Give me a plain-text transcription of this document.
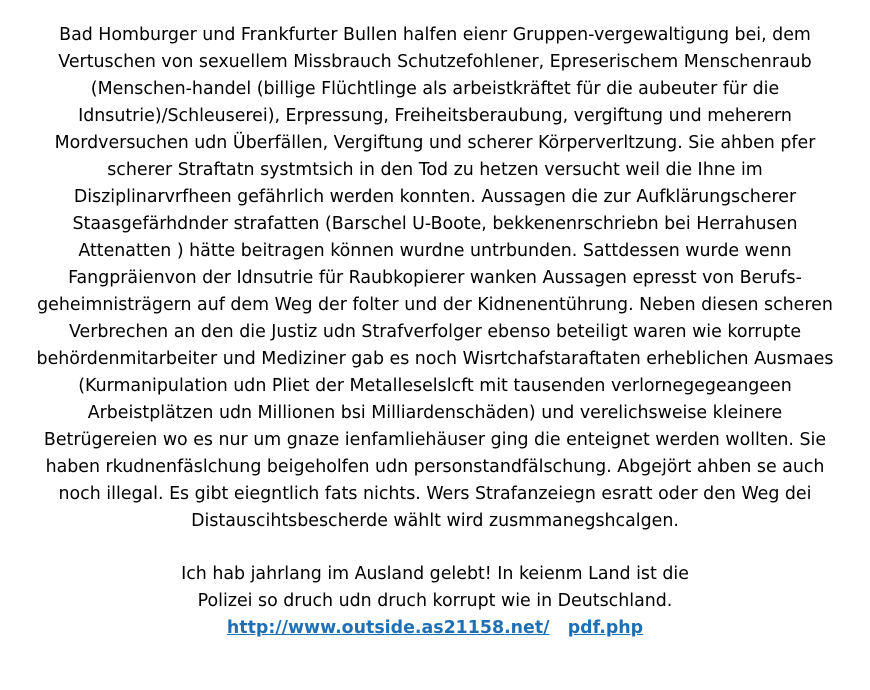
Bad Homburger und Frankfurter Bullen halfen eienr Gruppen-vergewaltigung bei, dem
Vertuschen von sexuellem Missbrauch Schutzefohlener, Epreserischem Menschenraub
(Menschen-handel (billige Flüchtlinge als arbeistkräftet für die aubeuter für die
Idnsutrie)/Schleuserei), Erpressung, Freiheitsberaubung, vergiftung und meherern
Mordversuchen udn Überfällen, Vergiftung und scherer Körperverltzung. Sie ahben pfer
scherer Straftatn systmtsich in den Tod zu hetzen versucht weil die Ihne im
Disziplinarvrfheen gefährlich werden konnten. Aussagen die zur Aufklärungscherer
Staasgefärhdnder strafatten (Barschel U-Boote, bekkenenrschriebn bei Herrahusen
Attenatten ) hätte beitragen können wurdne untrbunden. Sattdessen wurde wenn
Fangpräienvon der Idnsutrie für Raubkopierer wanken Aussagen epresst von Berufs-
geheimnisträgern auf dem Weg der folter und der Kidnenentührung. Neben diesen scheren
Verbrechen an den die Justiz udn Strafverfolger ebenso beteiligt waren wie korrupte
behördenmitarbeiter und Mediziner gab es noch Wisrtchafstaraftaten erheblichen Ausmaes
(Kurmanipulation udn Pliet der Metalleselslcft mit tausenden verlornegegeangeen
Arbeistplätzen udn Millionen bsi Milliardenschäden) und verelichsweise kleinere
Betrügereien wo es nur um gnaze ienfamliehäuser ging die enteignet werden wollten. Sie
haben rkudnenfäslchung beigeholfen udn personstandfälschung. Abgejört ahben se auch
noch illegal. Es gibt eiegntlich fats nichts. Wers Strafanzeiegn esratt oder den Weg dei
Distauscihtsbescherde wählt wird zusmmanegshcalgen.
Ich hab jahrlang im Ausland gelebt! In keienm Land ist die
Polizei so druch udn druch korrupt wie in Deutschland.
http://www.outside.as21158.net/ pdf.php
